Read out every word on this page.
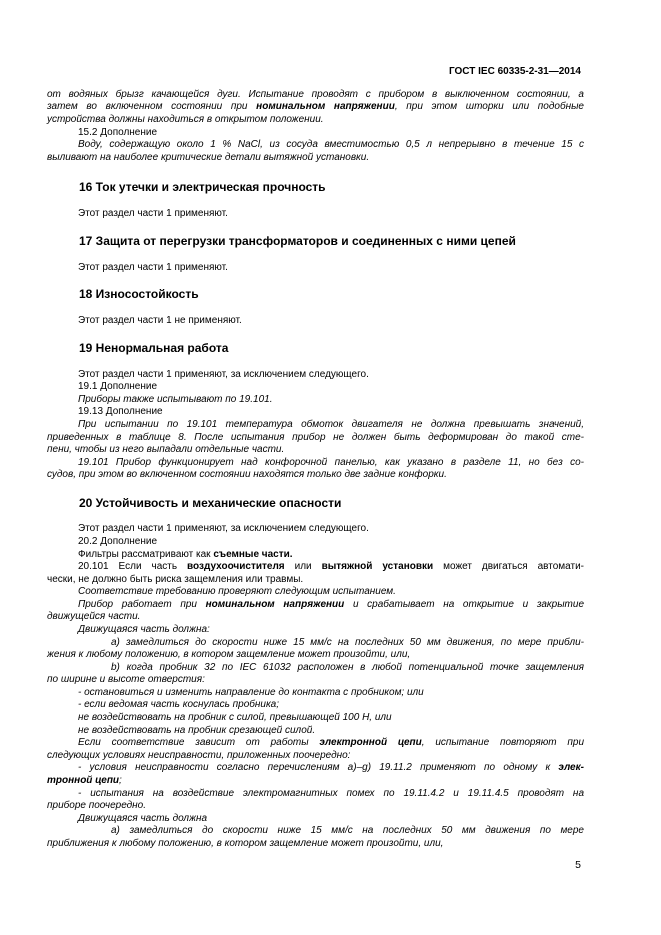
ГОСТ IEC 60335-2-31—2014
от водяных брызг качающейся дуги. Испытание проводят с прибором в выключенном состоянии, а
затем во включенном состоянии при номинальном напряжении, при этом шторки или подобные
устройства должны находиться в открытом положении.
15.2 Дополнение
Воду, содержащую около 1 % NaCl, из сосуда вместимостью 0,5 л непрерывно в течение 15 с
выливают на наиболее критические детали вытяжной установки.
16 Ток утечки и электрическая прочность
Этот раздел части 1 применяют.
17 Защита от перегрузки трансформаторов и соединенных с ними цепей
Этот раздел части 1 применяют.
18 Износостойкость
Этот раздел части 1 не применяют.
19 Ненормальная работа
Этот раздел части 1 применяют, за исключением следующего.
19.1 Дополнение
Приборы также испытывают по 19.101.
19.13 Дополнение
При испытании по 19.101 температура обмоток двигателя не должна превышать значений,
приведенных в таблице 8. После испытания прибор не должен быть деформирован до такой сте-
пени, чтобы из него выпадали отдельные части.
19.101 Прибор функционирует над конфорочной панелью, как указано в разделе 11, но без со-
судов, при этом во включенном состоянии находятся только две задние конфорки.
20 Устойчивость и механические опасности
Этот раздел части 1 применяют, за исключением следующего.
20.2 Дополнение
Фильтры рассматривают как съемные части.
20.101 Если часть воздухоочистителя или вытяжной установки может двигаться автомати-
чески, не должно быть риска защемления или травмы.
Соответствие требованию проверяют следующим испытанием.
Прибор работает при номинальном напряжении и срабатывает на открытие и закрытие
движущейся части.
Движущаяся часть должна:
а) замедлиться до скорости ниже 15 мм/с на последних 50 мм движения, по мере прибли-
жения к любому положению, в котором защемление может произойти, или,
b) когда пробник 32 по IEC 61032 расположен в любой потенциальной точке защемления
по ширине и высоте отверстия:
- остановиться и изменить направление до контакта с пробником; или
- если ведомая часть коснулась пробника;
не воздействовать на пробник с силой, превышающей 100 Н, или
не воздействовать на пробник срезающей силой.
Если соответствие зависит от работы электронной цепи, испытание повторяют при
следующих условиях неисправности, приложенных поочередно:
- условия неисправности согласно перечислениям а)–g) 19.11.2 применяют по одному к элек-
тронной цепи;
- испытания на воздействие электромагнитных помех по 19.11.4.2 и 19.11.4.5 проводят на
приборе поочередно.
Движущаяся часть должна
а) замедлиться до скорости ниже 15 мм/с на последних 50 мм движения по мере
приближения к любому положению, в котором защемление может произойти, или,
5
